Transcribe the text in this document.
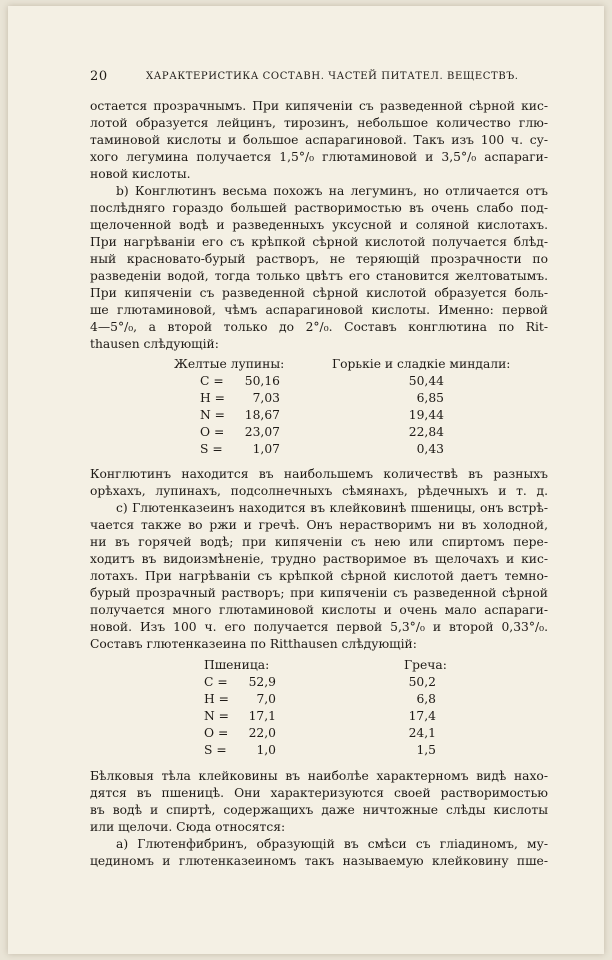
20	ХАРАКТЕРИСТИКА СОСТАВН. ЧАСТЕЙ ПИТАТЕЛ. ВЕЩЕСТВЪ.
остается прозрачнымъ. При кипяченіи съ разведенной сѣрной кис-
лотой образуется лейцинъ, тирозинъ, небольшое количество глю-
таминовой кислоты и большое аспарагиновой. Такъ изъ 100 ч. су-
хого легумина получается 1,5°/₀ глютаминовой и 3,5°/₀ аспараги-
новой кислоты.
b) Конглютинъ весьма похожъ на легуминъ, но отличается отъ
послѣдняго гораздо большей растворимостью въ очень слабо под-
щелоченной водѣ и разведенныхъ уксусной и соляной кислотахъ.
При нагрѣваніи его съ крѣпкой сѣрной кислотой получается блѣд-
ный красновато-бурый растворъ, не теряющій прозрачности по
разведеніи водой, тогда только цвѣтъ его становится желтоватымъ.
При кипяченіи съ разведенной сѣрной кислотой образуется боль-
ше глютаминовой, чѣмъ аспарагиновой кислоты. Именно: первой
4—5°/₀, а второй только до 2°/₀. Составъ конглютина по Rit-
thausen слѣдующій:
Желтые лупины:	Горькіе и сладкіе миндали:
C =	50,16	50,44
H =	7,03	6,85
N =	18,67	19,44
O =	23,07	22,84
S =	1,07	0,43
Конглютинъ находится въ наибольшемъ количествѣ въ разныхъ
орѣхахъ, лупинахъ, подсолнечныхъ сѣмянахъ, рѣдечныхъ и т. д.
c) Глютенказеинъ находится въ клейковинѣ пшеницы, онъ встрѣ-
чается также во ржи и гречѣ. Онъ нерастворимъ ни въ холодной,
ни въ горячей водѣ; при кипяченіи съ нею или спиртомъ пере-
ходитъ въ видоизмѣненіе, трудно растворимое въ щелочахъ и кис-
лотахъ. При нагрѣваніи съ крѣпкой сѣрной кислотой даетъ темно-
бурый прозрачный растворъ; при кипяченіи съ разведенной сѣрной
получается много глютаминовой кислоты и очень мало аспараги-
новой. Изъ 100 ч. его получается первой 5,3°/₀ и второй 0,33°/₀.
Составъ глютенказеина по Ritthausen слѣдующій:
Пшеница:	Греча:
C =	52,9	50,2
H =	7,0	6,8
N =	17,1	17,4
O =	22,0	24,1
S =	1,0	1,5
Бѣлковыя тѣла клейковины въ наиболѣе характерномъ видѣ нахо-
дятся въ пшеницѣ. Они характеризуются своей растворимостью
въ водѣ и спиртѣ, содержащихъ даже ничтожные слѣды кислоты
или щелочи. Сюда относятся:
a) Глютенфибринъ, образующій въ смѣси съ гліадиномъ, му-
цединомъ и глютенказеиномъ такъ называемую клейковину пше-
